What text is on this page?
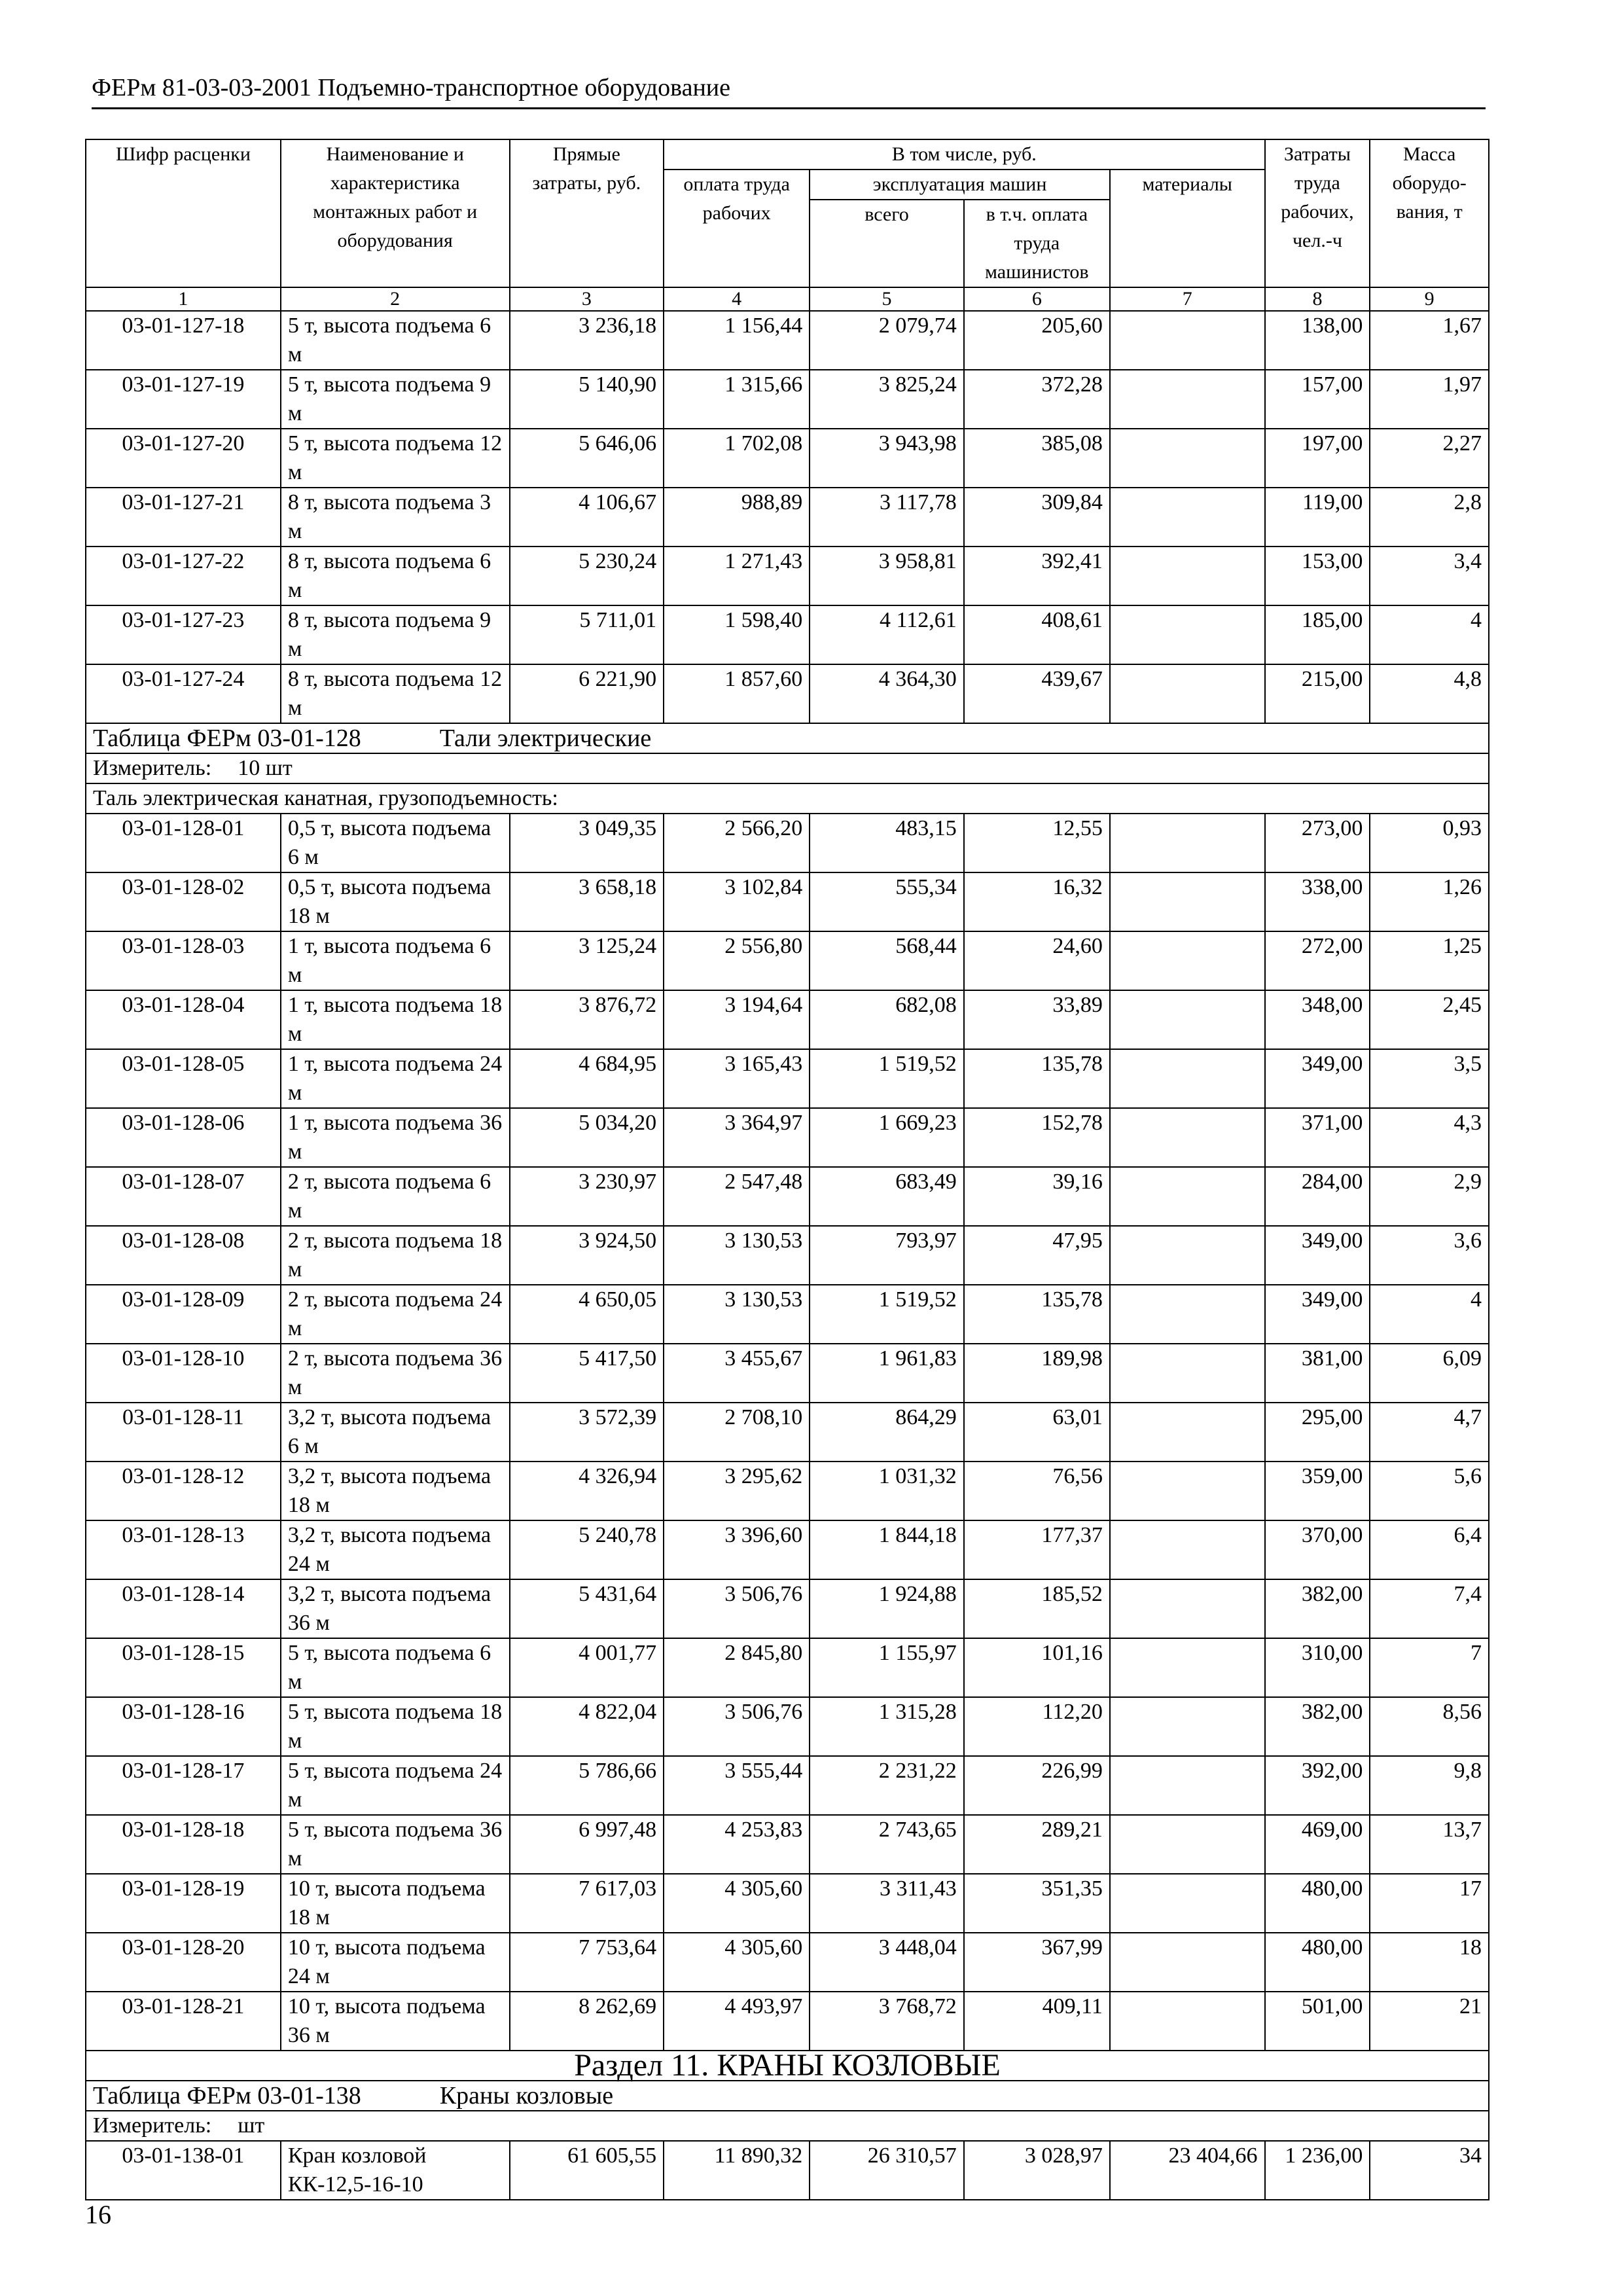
ФЕРм 81-03-03-2001 Подъемно-транспортное оборудование
Шифр расценки	Наименование и характеристика монтажных работ и оборудования	Прямые затраты, руб.	В том числе, руб.				Затраты труда рабочих, чел.-ч	Масса оборудо-вания, т
			оплата труда рабочих	эксплуатация машин		материалы		
				всего	в т.ч. оплата труда машинистов			
1	2	3	4	5	6	7	8	9
03-01-127-18	5 т, высота подъема 6 м	3 236,18	1 156,44	2 079,74	205,60		138,00	1,67
03-01-127-19	5 т, высота подъема 9 м	5 140,90	1 315,66	3 825,24	372,28		157,00	1,97
03-01-127-20	5 т, высота подъема 12 м	5 646,06	1 702,08	3 943,98	385,08		197,00	2,27
03-01-127-21	8 т, высота подъема 3 м	4 106,67	988,89	3 117,78	309,84		119,00	2,8
03-01-127-22	8 т, высота подъема 6 м	5 230,24	1 271,43	3 958,81	392,41		153,00	3,4
03-01-127-23	8 т, высота подъема 9 м	5 711,01	1 598,40	4 112,61	408,61		185,00	4
03-01-127-24	8 т, высота подъема 12 м	6 221,90	1 857,60	4 364,30	439,67		215,00	4,8
Таблица ФЕРм 03-01-128 Тали электрические								
Измеритель: 10 шт								
Таль электрическая канатная, грузоподъемность:								
03-01-128-01	0,5 т, высота подъема 6 м	3 049,35	2 566,20	483,15	12,55		273,00	0,93
03-01-128-02	0,5 т, высота подъема 18 м	3 658,18	3 102,84	555,34	16,32		338,00	1,26
03-01-128-03	1 т, высота подъема 6 м	3 125,24	2 556,80	568,44	24,60		272,00	1,25
03-01-128-04	1 т, высота подъема 18 м	3 876,72	3 194,64	682,08	33,89		348,00	2,45
03-01-128-05	1 т, высота подъема 24 м	4 684,95	3 165,43	1 519,52	135,78		349,00	3,5
03-01-128-06	1 т, высота подъема 36 м	5 034,20	3 364,97	1 669,23	152,78		371,00	4,3
03-01-128-07	2 т, высота подъема 6 м	3 230,97	2 547,48	683,49	39,16		284,00	2,9
03-01-128-08	2 т, высота подъема 18 м	3 924,50	3 130,53	793,97	47,95		349,00	3,6
03-01-128-09	2 т, высота подъема 24 м	4 650,05	3 130,53	1 519,52	135,78		349,00	4
03-01-128-10	2 т, высота подъема 36 м	5 417,50	3 455,67	1 961,83	189,98		381,00	6,09
03-01-128-11	3,2 т, высота подъема 6 м	3 572,39	2 708,10	864,29	63,01		295,00	4,7
03-01-128-12	3,2 т, высота подъема 18 м	4 326,94	3 295,62	1 031,32	76,56		359,00	5,6
03-01-128-13	3,2 т, высота подъема 24 м	5 240,78	3 396,60	1 844,18	177,37		370,00	6,4
03-01-128-14	3,2 т, высота подъема 36 м	5 431,64	3 506,76	1 924,88	185,52		382,00	7,4
03-01-128-15	5 т, высота подъема 6 м	4 001,77	2 845,80	1 155,97	101,16		310,00	7
03-01-128-16	5 т, высота подъема 18 м	4 822,04	3 506,76	1 315,28	112,20		382,00	8,56
03-01-128-17	5 т, высота подъема 24 м	5 786,66	3 555,44	2 231,22	226,99		392,00	9,8
03-01-128-18	5 т, высота подъема 36 м	6 997,48	4 253,83	2 743,65	289,21		469,00	13,7
03-01-128-19	10 т, высота подъема 18 м	7 617,03	4 305,60	3 311,43	351,35		480,00	17
03-01-128-20	10 т, высота подъема 24 м	7 753,64	4 305,60	3 448,04	367,99		480,00	18
03-01-128-21	10 т, высота подъема 36 м	8 262,69	4 493,97	3 768,72	409,11		501,00	21
Раздел 11. КРАНЫ КОЗЛОВЫЕ								
Таблица ФЕРм 03-01-138 Краны козловые								
Измеритель: шт								
03-01-138-01	Кран козловой КК-12,5-16-10	61 605,55	11 890,32	26 310,57	3 028,97	23 404,66	1 236,00	34
16
